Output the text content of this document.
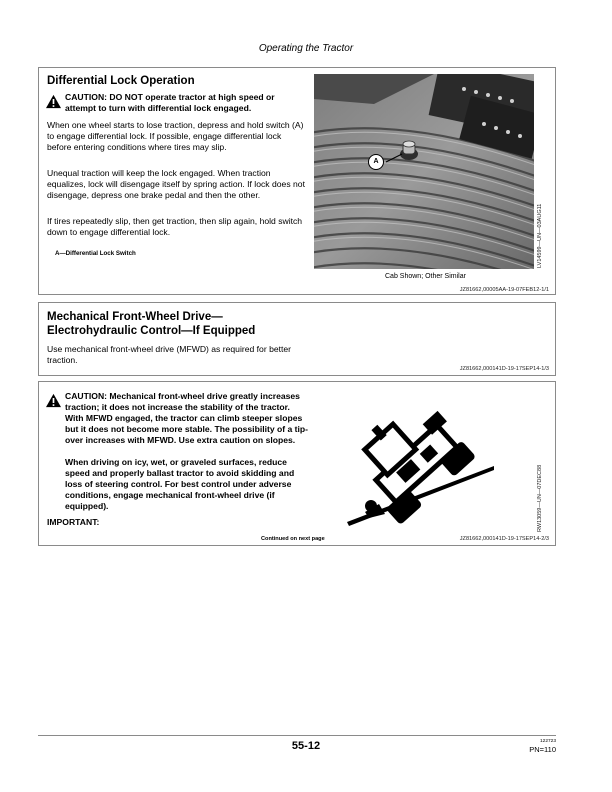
Operating the Tractor
Differential Lock Operation
CAUTION: DO NOT operate tractor at high speed or attempt to turn with differential lock engaged.
When one wheel starts to lose traction, depress and hold switch (A) to engage differential lock. If possible, engage differential lock before entering conditions where tires may slip.
Unequal traction will keep the lock engaged. When traction equalizes, lock will disengage itself by spring action. If lock does not disengage, depress one brake pedal and then the other.
If tires repeatedly slip, then get traction, then slip again, hold switch down to engage differential lock.
A—Differential Lock Switch
A
LV14599—UN—03AUG11
Cab Shown; Other Similar
JZ81662,00005AA-19-07FEB12-1/1
Mechanical Front-Wheel Drive—
Electrohydraulic Control—If Equipped
Use mechanical front-wheel drive (MFWD) as required for better traction.
JZ81662,000141D-19-17SEP14-1/3
CAUTION: Mechanical front-wheel drive greatly increases traction; it does not increase the stability of the tractor. With MFWD engaged, the tractor can climb steeper slopes but it does not become more stable. The possibility of a tip-over increases with MFWD. Use extra caution on slopes.
When driving on icy, wet, or graveled surfaces, reduce speed and properly ballast tractor to avoid skidding and loss of steering control. For best control under adverse conditions, engage mechanical front-wheel drive (if equipped).
IMPORTANT:	RW13059—UN—07DEC88
Continued on next page	JZ81662,000141D-19-17SEP14-2/3
55-12	122723
PN=110
